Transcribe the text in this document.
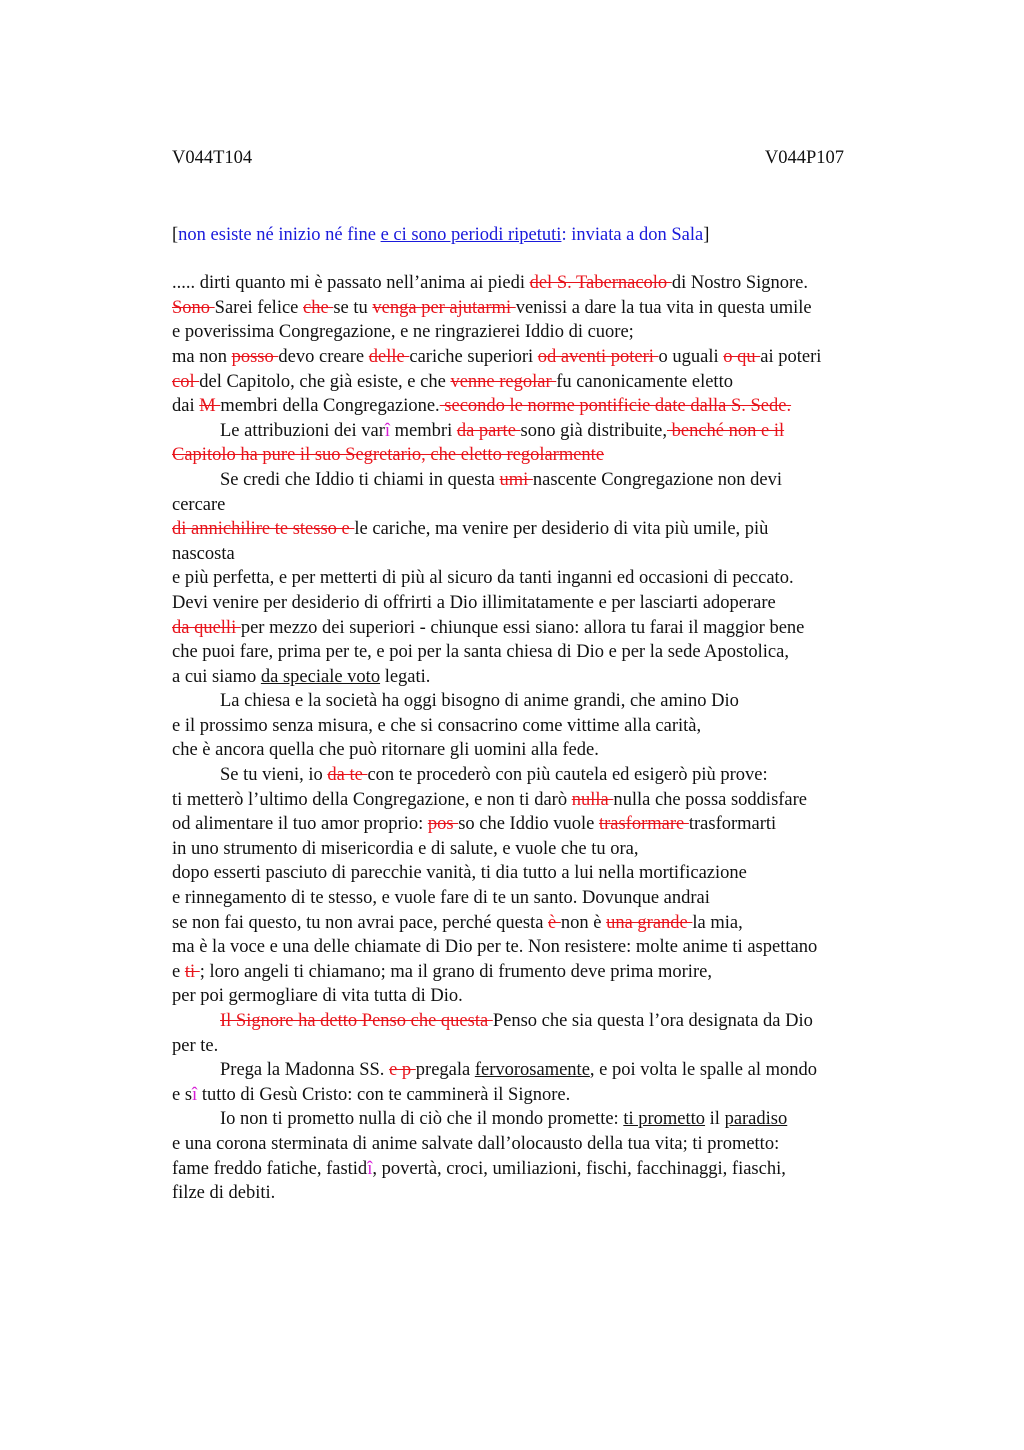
V044T104	V044P107
[non esiste né inizio né fine e ci sono periodi ripetuti: inviata a don Sala]
..... dirti quanto mi è passato nell’anima ai piedi del S. Tabernacolo di Nostro Signore.
Sono Sarei felice che se tu venga per ajutarmi venissi a dare la tua vita in questa umile
e poverissima Congregazione, e ne ringrazierei Iddio di cuore;
ma non posso devo creare delle cariche superiori od aventi poteri o uguali o qu ai poteri
col del Capitolo, che già esiste, e che venne regolar fu canonicamente eletto
dai M membri della Congregazione. secondo le norme pontificie date dalla S. Sede.
Le attribuzioni dei varî membri da parte sono già distribuite, benché non e il
Capitolo ha pure il suo Segretario, che eletto regolarmente
Se credi che Iddio ti chiami in questa umi nascente Congregazione non devi
cercare
di annichilire te stesso e le cariche, ma venire per desiderio di vita più umile, più
nascosta
e più perfetta, e per metterti di più al sicuro da tanti inganni ed occasioni di peccato.
Devi venire per desiderio di offrirti a Dio illimitatamente e per lasciarti adoperare
da quelli per mezzo dei superiori - chiunque essi siano: allora tu farai il maggior bene
che puoi fare, prima per te, e poi per la santa chiesa di Dio e per la sede Apostolica,
a cui siamo da speciale voto legati.
La chiesa e la società ha oggi bisogno di anime grandi, che amino Dio
e il prossimo senza misura, e che si consacrino come vittime alla carità,
che è ancora quella che può ritornare gli uomini alla fede.
Se tu vieni, io da te con te procederò con più cautela ed esigerò più prove:
ti metterò l’ultimo della Congregazione, e non ti darò nulla nulla che possa soddisfare
od alimentare il tuo amor proprio: pos so che Iddio vuole trasformare trasformarti
in uno strumento di misericordia e di salute, e vuole che tu ora,
dopo esserti pasciuto di parecchie vanità, ti dia tutto a lui nella mortificazione
e rinnegamento di te stesso, e vuole fare di te un santo. Dovunque andrai
se non fai questo, tu non avrai pace, perché questa è non è una grande la mia,
ma è la voce e una delle chiamate di Dio per te. Non resistere: molte anime ti aspettano
e ti ; loro angeli ti chiamano; ma il grano di frumento deve prima morire,
per poi germogliare di vita tutta di Dio.
Il Signore ha detto Penso che questa Penso che sia questa l’ora designata da Dio
per te.
Prega la Madonna SS. e p pregala fervorosamente, e poi volta le spalle al mondo
e sî tutto di Gesù Cristo: con te camminerà il Signore.
Io non ti prometto nulla di ciò che il mondo promette: ti prometto il paradiso
e una corona sterminata di anime salvate dall’olocausto della tua vita; ti prometto:
fame freddo fatiche, fastidî, povertà, croci, umiliazioni, fischi, facchinaggi, fiaschi,
filze di debiti.
